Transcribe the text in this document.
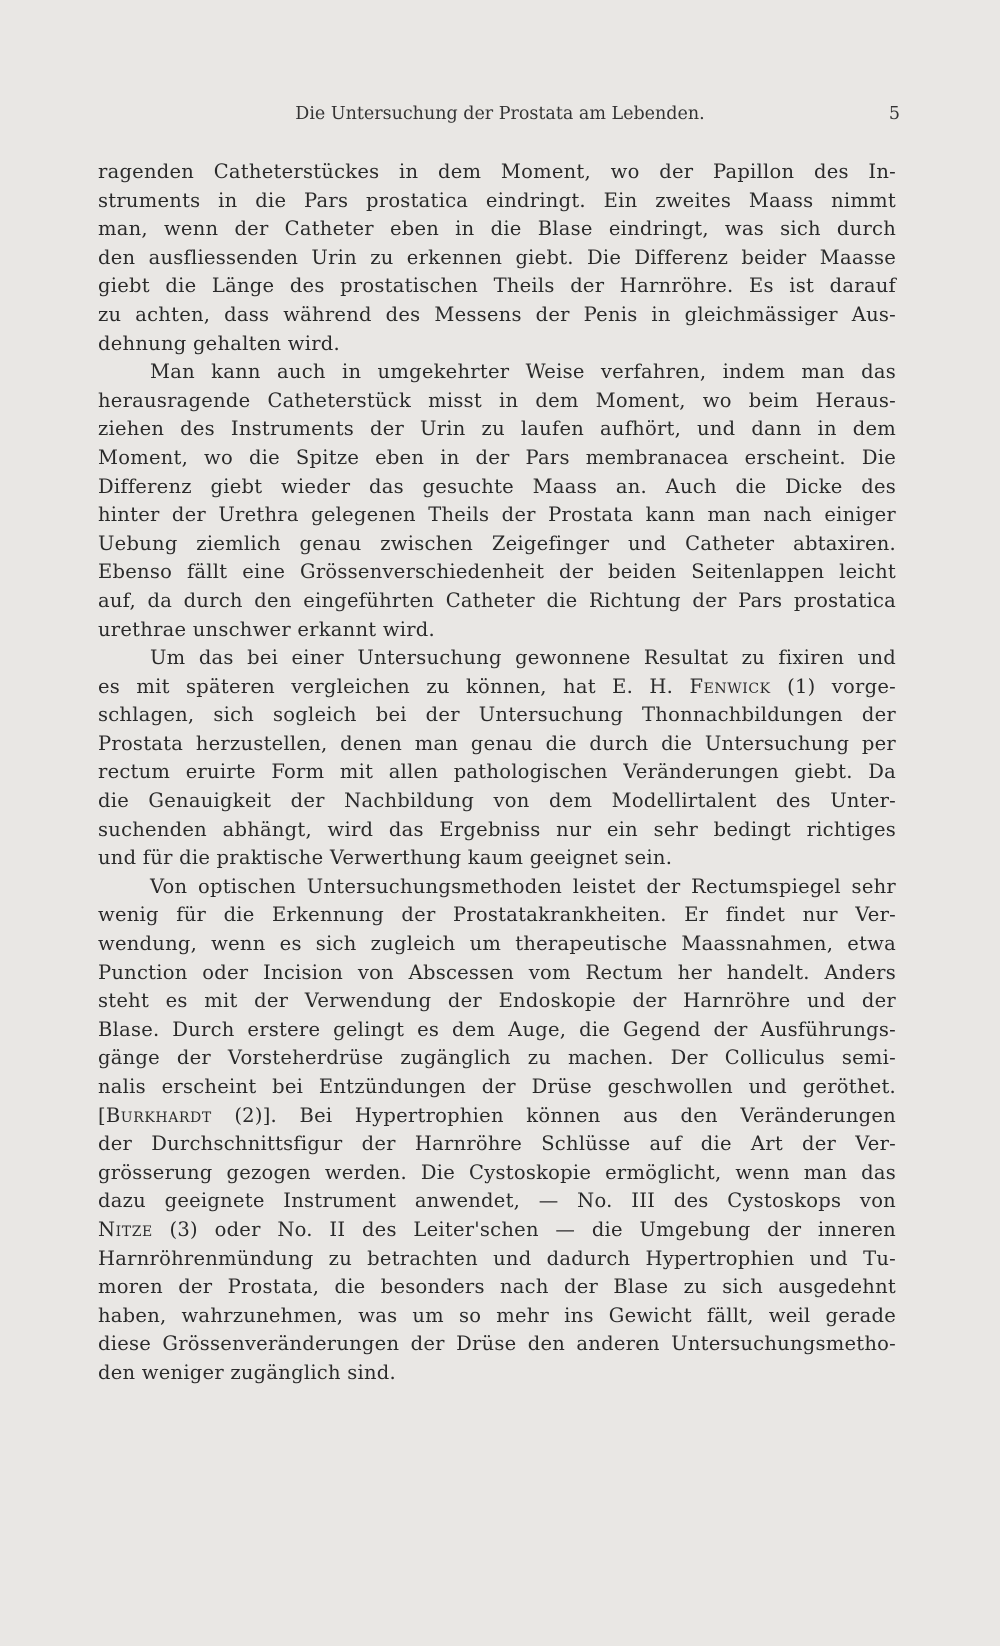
Die Untersuchung der Prostata am Lebenden.	5
ragenden Catheterstückes in dem Moment, wo der Papillon des In-
struments in die Pars prostatica eindringt. Ein zweites Maass nimmt
man, wenn der Catheter eben in die Blase eindringt, was sich durch
den ausfliessenden Urin zu erkennen giebt. Die Differenz beider Maasse
giebt die Länge des prostatischen Theils der Harnröhre. Es ist darauf
zu achten, dass während des Messens der Penis in gleichmässiger Aus-
dehnung gehalten wird.
Man kann auch in umgekehrter Weise verfahren, indem man das
herausragende Catheterstück misst in dem Moment, wo beim Heraus-
ziehen des Instruments der Urin zu laufen aufhört, und dann in dem
Moment, wo die Spitze eben in der Pars membranacea erscheint. Die
Differenz giebt wieder das gesuchte Maass an. Auch die Dicke des
hinter der Urethra gelegenen Theils der Prostata kann man nach einiger
Uebung ziemlich genau zwischen Zeigefinger und Catheter abtaxiren.
Ebenso fällt eine Grössenverschiedenheit der beiden Seitenlappen leicht
auf, da durch den eingeführten Catheter die Richtung der Pars prostatica
urethrae unschwer erkannt wird.
Um das bei einer Untersuchung gewonnene Resultat zu fixiren und
es mit späteren vergleichen zu können, hat E. H. Fenwick (1) vorge-
schlagen, sich sogleich bei der Untersuchung Thonnachbildungen der
Prostata herzustellen, denen man genau die durch die Untersuchung per
rectum eruirte Form mit allen pathologischen Veränderungen giebt. Da
die Genauigkeit der Nachbildung von dem Modellirtalent des Unter-
suchenden abhängt, wird das Ergebniss nur ein sehr bedingt richtiges
und für die praktische Verwerthung kaum geeignet sein.
Von optischen Untersuchungsmethoden leistet der Rectumspiegel sehr
wenig für die Erkennung der Prostatakrankheiten. Er findet nur Ver-
wendung, wenn es sich zugleich um therapeutische Maassnahmen, etwa
Punction oder Incision von Abscessen vom Rectum her handelt. Anders
steht es mit der Verwendung der Endoskopie der Harnröhre und der
Blase. Durch erstere gelingt es dem Auge, die Gegend der Ausführungs-
gänge der Vorsteherdrüse zugänglich zu machen. Der Colliculus semi-
nalis erscheint bei Entzündungen der Drüse geschwollen und geröthet.
[Burkhardt (2)]. Bei Hypertrophien können aus den Veränderungen
der Durchschnittsfigur der Harnröhre Schlüsse auf die Art der Ver-
grösserung gezogen werden. Die Cystoskopie ermöglicht, wenn man das
dazu geeignete Instrument anwendet, — No. III des Cystoskops von
Nitze (3) oder No. II des Leiter'schen — die Umgebung der inneren
Harnröhrenmündung zu betrachten und dadurch Hypertrophien und Tu-
moren der Prostata, die besonders nach der Blase zu sich ausgedehnt
haben, wahrzunehmen, was um so mehr ins Gewicht fällt, weil gerade
diese Grössenveränderungen der Drüse den anderen Untersuchungsmetho-
den weniger zugänglich sind.
